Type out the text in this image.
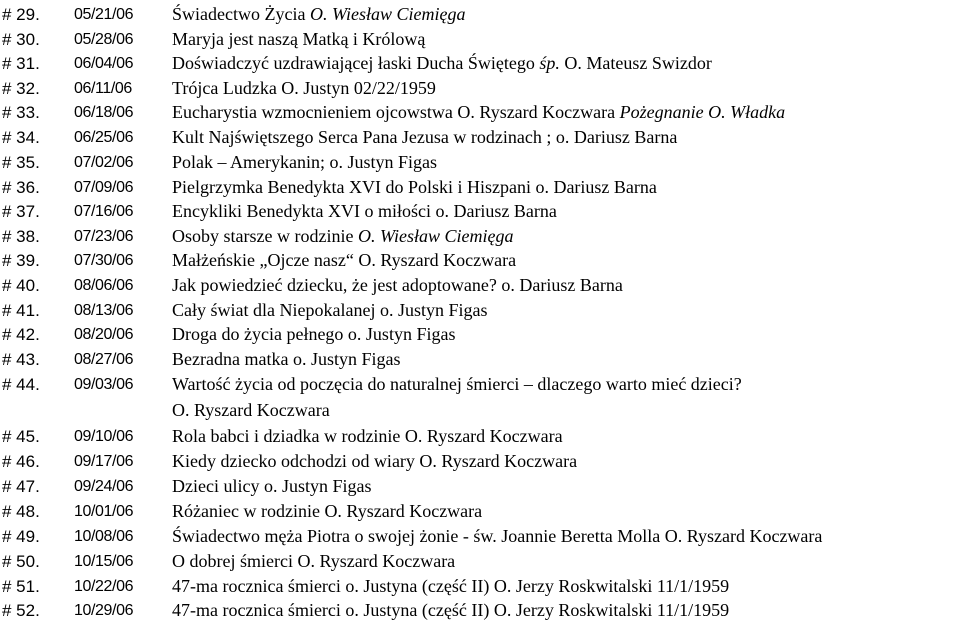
# 29. 05/21/06 Świadectwo Życia O. Wiesław Ciemięga
# 30. 05/28/06 Maryja jest naszą Matką i Królową
# 31. 06/04/06 Doświadczyć uzdrawiającej łaski Ducha Świętego śp. O. Mateusz Swizdor
# 32. 06/11/06 Trójca Ludzka O. Justyn 02/22/1959
# 33. 06/18/06 Eucharystia wzmocnieniem ojcowstwa O. Ryszard Koczwara Pożegnanie O. Władka
# 34. 06/25/06 Kult Najświętszego Serca Pana Jezusa w rodzinach ; o. Dariusz Barna
# 35. 07/02/06 Polak – Amerykanin; o. Justyn Figas
# 36. 07/09/06 Pielgrzymka Benedykta XVI do Polski i Hiszpani o. Dariusz Barna
# 37. 07/16/06 Encykliki Benedykta XVI o miłości o. Dariusz Barna
# 38. 07/23/06 Osoby starsze w rodzinie O. Wiesław Ciemięga
# 39. 07/30/06 Małżeńskie „Ojcze nasz“ O. Ryszard Koczwara
# 40. 08/06/06 Jak powiedzieć dziecku, że jest adoptowane? o. Dariusz Barna
# 41. 08/13/06 Cały świat dla Niepokalanej o. Justyn Figas
# 42. 08/20/06 Droga do życia pełnego o. Justyn Figas
# 43. 08/27/06 Bezradna matka o. Justyn Figas
# 44. 09/03/06 Wartość życia od poczęcia do naturalnej śmierci – dlaczego warto mieć dzieci?
O. Ryszard Koczwara
# 45. 09/10/06 Rola babci i dziadka w rodzinie O. Ryszard Koczwara
# 46. 09/17/06 Kiedy dziecko odchodzi od wiary O. Ryszard Koczwara
# 47. 09/24/06 Dzieci ulicy o. Justyn Figas
# 48. 10/01/06 Różaniec w rodzinie O. Ryszard Koczwara
# 49. 10/08/06 Świadectwo męża Piotra o swojej żonie - św. Joannie Beretta Molla O. Ryszard Koczwara
# 50. 10/15/06 O dobrej śmierci O. Ryszard Koczwara
# 51. 10/22/06 47-ma rocznica śmierci o. Justyna (część II) O. Jerzy Roskwitalski 11/1/1959
# 52. 10/29/06 47-ma rocznica śmierci o. Justyna (część II) O. Jerzy Roskwitalski 11/1/1959
